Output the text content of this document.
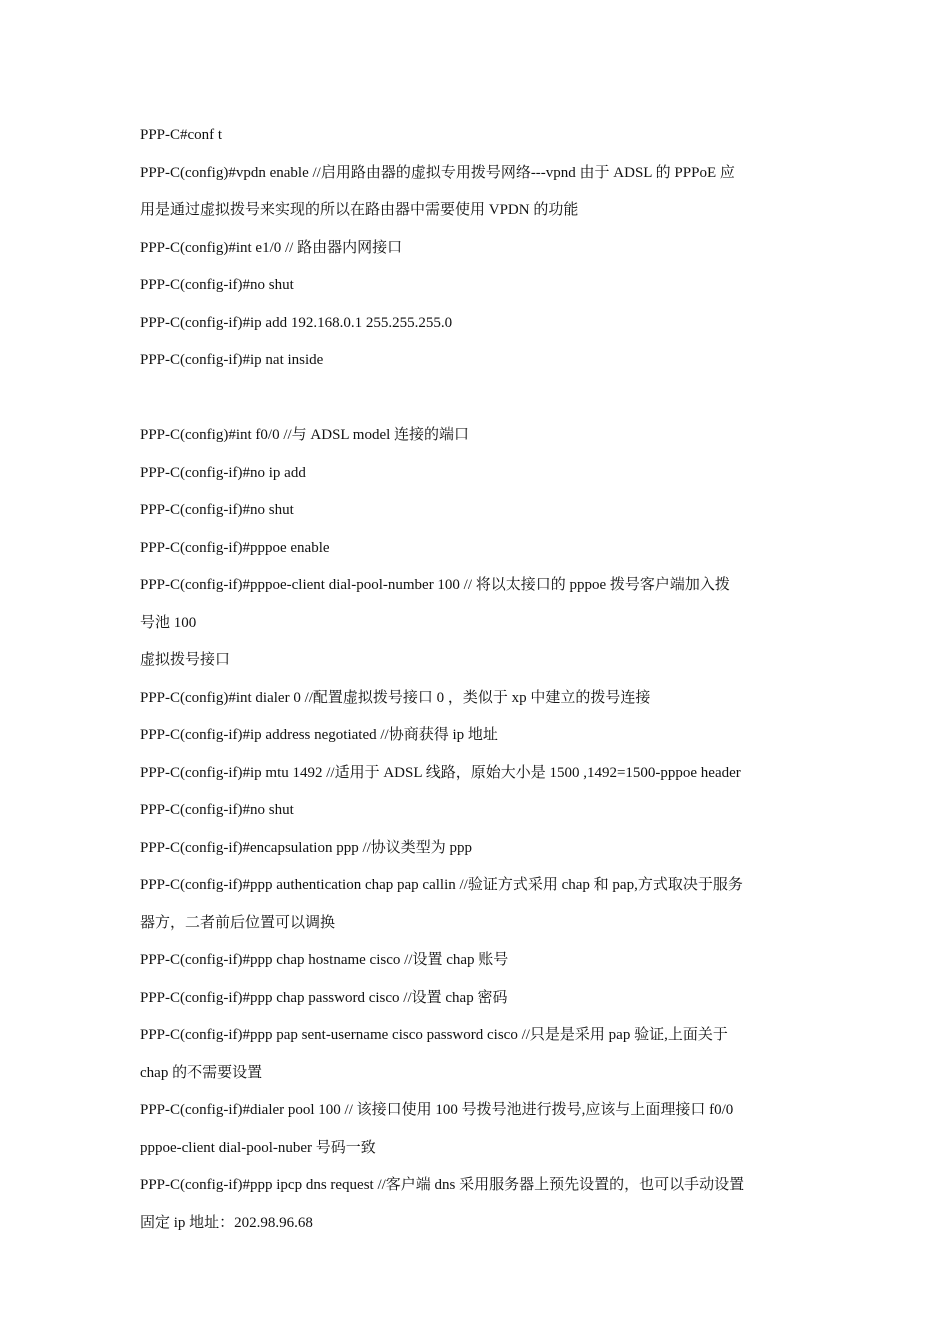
PPP-C#conf t
PPP-C(config)#vpdn enable //启用路由器的虚拟专用拨号网络---vpnd 由于 ADSL 的 PPPoE 应
用是通过虚拟拨号来实现的所以在路由器中需要使用 VPDN 的功能
PPP-C(config)#int e1/0 // 路由器内网接口
PPP-C(config-if)#no shut
PPP-C(config-if)#ip add 192.168.0.1 255.255.255.0
PPP-C(config-if)#ip nat inside
PPP-C(config)#int f0/0 //与 ADSL model 连接的端口
PPP-C(config-if)#no ip add
PPP-C(config-if)#no shut
PPP-C(config-if)#pppoe enable
PPP-C(config-if)#pppoe-client dial-pool-number 100 // 将以太接口的 pppoe 拨号客户端加入拨
号池 100
虚拟拨号接口
PPP-C(config)#int dialer 0 //配置虚拟拨号接口 0 ，类似于 xp 中建立的拨号连接
PPP-C(config-if)#ip address negotiated //协商获得 ip 地址
PPP-C(config-if)#ip mtu 1492 //适用于 ADSL 线路，原始大小是 1500 ,1492=1500-pppoe header
PPP-C(config-if)#no shut
PPP-C(config-if)#encapsulation ppp //协议类型为 ppp
PPP-C(config-if)#ppp authentication chap pap callin //验证方式采用 chap 和 pap,方式取决于服务
器方，二者前后位置可以调换
PPP-C(config-if)#ppp chap hostname cisco //设置 chap 账号
PPP-C(config-if)#ppp chap password cisco //设置 chap 密码
PPP-C(config-if)#ppp pap sent-username cisco password cisco //只是是采用 pap 验证,上面关于
chap 的不需要设置
PPP-C(config-if)#dialer pool 100 // 该接口使用 100 号拨号池进行拨号,应该与上面理接口 f0/0
pppoe-client dial-pool-nuber 号码一致
PPP-C(config-if)#ppp ipcp dns request //客户端 dns 采用服务器上预先设置的，也可以手动设置
固定 ip 地址：202.98.96.68
